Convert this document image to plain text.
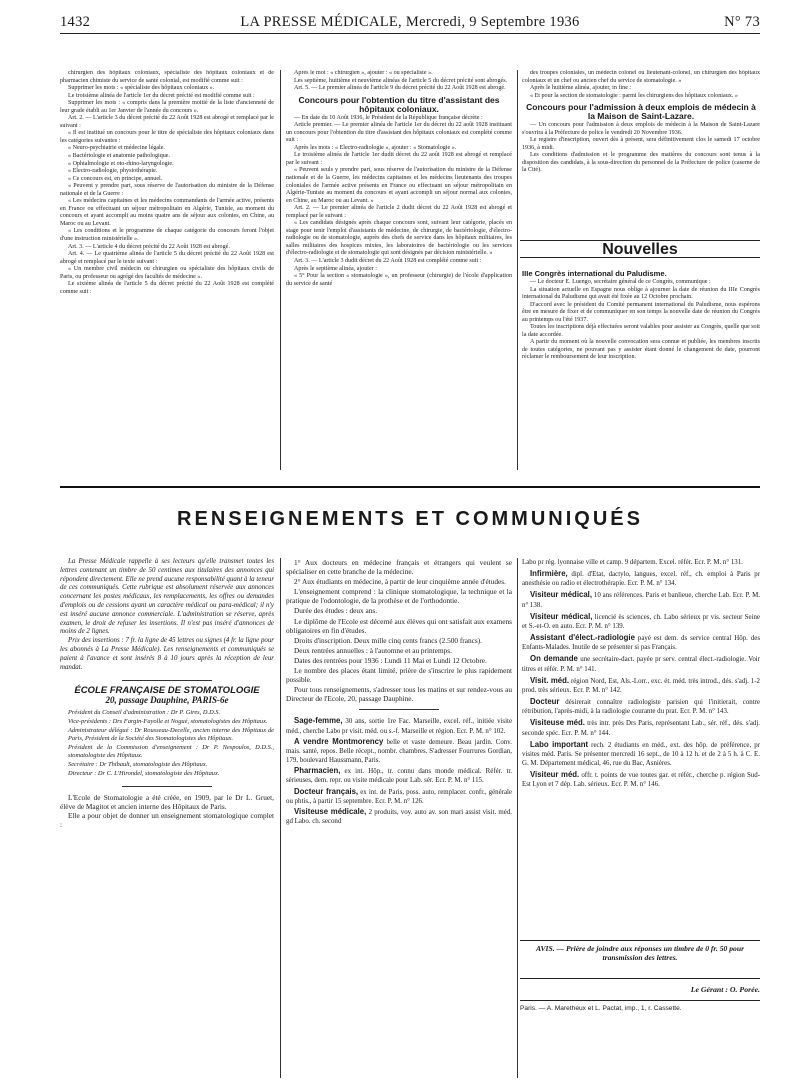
1432	LA PRESSE MÉDICALE, Mercredi, 9 Septembre 1936	N° 73

chirurgien des hôpitaux coloniaux, spécialiste des hôpitaux coloniaux et de pharmacien chimiste du service de santé colonial, est modifié comme suit :

Supprimer les mots : « spécialiste des hôpitaux coloniaux ».

Le troisième alinéa de l'article 1er du décret précité est modifié comme suit :

Supprimer les mots : « compris dans la première moitié de la liste d'ancienneté de leur grade établi au 1er Janvier de l'année du concours ».

Art. 2. — L'article 3 du décret précité du 22 Août 1928 est abrogé et remplacé par le suivant :

« Il est institué un concours pour le titre de spécialiste des hôpitaux coloniaux dans les catégories suivantes :

« Neuro-psychiatrie et médecine légale.

« Bactériologie et anatomie pathologique.

« Ophtalmologie et oto-rhino-laryngologie.

« Electro-radiologie, physiothérapie.

« Ce concours est, en principe, annuel.

« Peuvent y prendre part, sous réserve de l'autorisation du ministre de la Défense nationale et de la Guerre :

« Les médecins capitaines et les médecins commandants de l'armée active, présents en France ou effectuant un séjour métropolitain en Algérie, Tunisie, au moment du concours et ayant accompli au moins quatre ans de séjour aux colonies, en Chine, au Maroc ou au Levant.

« Les conditions et le programme de chaque catégorie du concours feront l'objet d'une instruction ministérielle ».

Art. 3. — L'article 4 du décret précité du 22 Août 1928 est abrogé.

Art. 4. — Le quatrième alinéa de l'article 5 du décret précité du 22 Août 1928 est abrogé et remplacé par le texte suivant :

« Un membre civil médecin ou chirurgien ou spécialiste des hôpitaux civils de Paris, ou professeur ou agrégé des facultés de médecine ».

Le sixième alinéa de l'article 5 du décret précité du 22 Août 1928 est complété comme suit :

Après le mot : « chirurgien », ajouter : « ou spécialiste ».

Les septième, huitième et neuvième alinéas de l'article 5 du décret précité sont abrogés.

Art. 5. — Le premier alinéa de l'article 9 du décret précité du 22 Août 1928 est abrogé.

Concours pour l'obtention du titre d'assistant des hôpitaux coloniaux.

— En date du 10 Août 1936, le Président de la République française décrète :

Article premier. — Le premier alinéa de l'article 1er du décret du 22 août 1928 instituant un concours pour l'obtention du titre d'assistant des hôpitaux coloniaux est complété comme suit :

Après les mots : « Electro-radiologie », ajouter : « Stomatologie ».

Le troisième alinéa de l'article 1er dudit décret du 22 août 1928 est abrogé et remplacé par le suivant :

« Peuvent seuls y prendre part, sous réserve de l'autorisation du ministre de la Défense nationale et de la Guerre, les médecins capitaines et les médecins lieutenants des troupes coloniales de l'armée active présents en France ou effectuant un séjour métropolitain en Algérie-Tunisie au moment du concours et ayant accompli un séjour normal aux colonies, en Chine, au Maroc ou au Levant. »

Art. 2. — Le premier alinéa de l'article 2 dudit décret du 22 Août 1928 est abrogé et remplacé par le suivant :

« Les candidats désignés après chaque concours sont, suivant leur catégorie, placés en stage pour tenir l'emploi d'assistants de médecine, de chirurgie, de bactériologie, d'électro-radiologie ou de stomatologie, auprès des chefs de service dans les hôpitaux militaires, les salles militaires des hospices mixtes, les laboratoires de bactériologie ou les services d'électro-radiologie et de stomatologie qui sont désignés par décision ministérielle. »

Art. 3. — L'article 3 dudit décret du 22 Août 1928 est complété comme suit :

Après le septième alinéa, ajouter :

« 5° Pour la section « stomatologie », un professeur (chirurgie) de l'école d'application du service de santé

des troupes coloniales, un médecin colonel ou lieutenant-colonel, un chirurgien des hôpitaux coloniaux et un chef ou ancien chef du service de stomatologie. »

Après le huitième alinéa, ajouter, in fine :

« Et pour la section de stomatologie : parmi les chirurgiens des hôpitaux coloniaux. »

Concours pour l'admission à deux emplois de médecin à la Maison de Saint-Lazare.

— Un concours pour l'admission à deux emplois de médecin à la Maison de Saint-Lazare s'ouvrira à la Préfecture de police le vendredi 20 Novembre 1936.

Le registre d'inscription, ouvert dès à présent, sera définitivement clos le samedi 17 octobre 1936, à midi.

Les conditions d'admission et le programme des matières du concours sont tenus à la disposition des candidats, à la sous-direction du personnel de la Préfecture de police (caserne de la Cité).

Nouvelles
IIIe Congrès international du Paludisme.

— Le docteur E. Luengo, secrétaire général de ce Congrès, communique :

La situation actuelle en Espagne nous oblige à ajourner la date de réunion du IIIe Congrès international du Paludisme qui avait été fixée au 12 Octobre prochain.

D'accord avec le président du Comité permanent international du Paludisme, nous espérons être en mesure de fixer et de communiquer en son temps la nouvelle date de réunion du Congrès au printemps ou l'été 1937.

Toutes les inscriptions déjà effectuées seront valables pour assister au Congrès, quelle que soit la date accordée.

A partir du moment où la nouvelle convocation sera connue et publiée, les membres inscrits de toutes catégories, ne pouvant pas y assister étant donné le changement de date, pourront réclamer le remboursement de leur inscription.

RENSEIGNEMENTS ET COMMUNIQUÉS

La Presse Médicale rappelle à ses lecteurs qu'elle transmet toutes les lettres contenant un timbre de 50 centimes aux titulaires des annonces qui répondent directement. Elle ne prend aucune responsabilité quant à la teneur de ces communiqués. Cette rubrique est absolument réservée aux annonces concernant les postes médicaux, les remplacements, les offres ou demandes d'emplois ou de cessions ayant un caractère médical ou para-médical; il n'y est inséré aucune annonce commerciale. L'administration se réserve, après examen, le droit de refuser les insertions. Il n'est pas inséré d'annonces de moins de 2 lignes.

Prix des insertions : 7 fr. la ligne de 45 lettres ou signes (4 fr. la ligne pour les abonnés à La Presse Médicale). Les renseignements et communiqués se paient à l'avance et sont insérés 8 à 10 jours après la réception de leur mandat.

ÉCOLE FRANÇAISE DE STOMATOLOGIE
20, passage Dauphine, PARIS-6e

Président du Conseil d'administration : Dr P. Gires, D.D.S.

Vice-présidents : Drs Fargin-Fayolle et Nogué, stomatologistes des Hôpitaux.

Administrateur délégué : Dr Rousseau-Decelle, ancien interne des Hôpitaux de Paris, Président de la Société des Stomatologistes des Hôpitaux.

Président de la Commission d'enseignement : Dr P. Nespoulos, D.D.S., stomatologiste des Hôpitaux.

Secrétaire : Dr Thibault, stomatologiste des Hôpitaux.

Directeur : Dr C. L'Hirondel, stomatologiste des Hôpitaux.

L'Ecole de Stomatologie a été créée, en 1909, par le Dr L. Gruet, élève de Magitot et ancien interne des Hôpitaux de Paris.

Elle a pour objet de donner un enseignement stomatologique complet :

1° Aux docteurs en médecine français et étrangers qui veulent se spécialiser en cette branche de la médecine.

2° Aux étudiants en médecine, à partir de leur cinquième année d'études.

L'enseignement comprend : la clinique stomatologique, la technique et la pratique de l'odontologie, de la prothèse et de l'orthodontie.

Durée des études : deux ans.

Le diplôme de l'Ecole est décerné aux élèves qui ont satisfait aux examens obligatoires en fin d'études.

Droits d'inscription. Deux mille cinq cents francs (2.500 francs).

Deux rentrées annuelles : à l'automne et au printemps.

Dates des rentrées pour 1936 : Lundi 11 Mai et Lundi 12 Octobre.

Le nombre des places étant limité, prière de s'inscrire le plus rapidement possible.

Pour tous renseignements, s'adresser tous les matins et sur rendez-vous au Directeur de l'Ecole, 20, passage Dauphine.

Sage-femme, 30 ans, sortie 1re Fac. Marseille, excel. réf., initiée visite méd., cherche Labo pr visit. méd. ou s.-f. Marseille et région. Ecr. P. M. n° 102.

A vendre Montmorency belle et vaste demeure. Beau jardin. Conv. mais. santé, repos. Belle récept., nombr. chambres. S'adresser Fourrures Gordian, 179, boulevard Haussmann, Paris.

Pharmacien, ex int. Hôp., tr. connu dans monde médical. Référ. tr. sérieuses, dem. repr. ou visite médicale pour Lab. sér. Ecr. P. M. n° 115.

Docteur français, ex int. de Paris, poss. auto, remplacer. confr., générale ou phtis., à partir 15 septembre. Ecr. P. M. n° 126.

Visiteuse médicale, 2 produits, voy. auto av. son mari assist visit. méd. gd Labo. ch. second

Labo pr rég. lyonnaise ville et camp. 9 départem. Excel. référ. Ecr. P. M. n° 131.

Infirmière, dipl. d'Etat, dactylo, langues, excel. réf., ch. emploi à Paris pr anesthésie ou radio et électrothérapie. Ecr. P. M. n° 134.

Visiteur médical, 10 ans références. Paris et banlieue, cherche Lab. Ecr. P. M. n° 138.

Visiteur médical, licencié ès sciences, ch. Labo sérieux pr vis. secteur Seine et S.-et-O. en auto. Ecr. P. M. n° 139.

Assistant d'élect.-radiologie payé est dem. ds service central Hôp. des Enfants-Malades. Inutile de se présenter si pas Français.

On demande une secrétaire-dact. payée pr serv. central élect.-radiologie. Voir titres et référ. P. M. n° 141.

Visit. méd. région Nord, Est, Als.-Lorr., exc. ét. méd. très introd., dés. s'adj. 1-2 prod. très sérieux. Ecr. P. M. n° 142.

Docteur désirerait connaître radiologiste parisien qui l'initierait, contre rétribution, l'après-midi, à la radiologie courante du prat. Ecr. P. M. n° 143.

Visiteuse méd. très intr. près Drs Paris, représentant Lab., sér. réf., dés. s'adj. seconde spéc. Ecr. P. M. n° 144.

Labo important rech. 2 étudiants en méd., ext. des hôp. de préférence, pr visites méd. Paris. Se présenter mercredi 16 sept., de 10 à 12 h. et de 2 à 5 h. à C. E. G. M. Département médical, 46, rue du Bac, Asnières.

Visiteur méd. offr. t. points de vue toutes gar. et référ., cherche p. région Sud-Est Lyon et 7 dép. Lab. sérieux. Ecr. P. M. n° 146.

AVIS. — Prière de joindre aux réponses un timbre de 0 fr. 50 pour transmission des lettres.
Le Gérant : O. Porée.
Paris. — A. Maretheux et L. Pactat, imp., 1, r. Cassette.
